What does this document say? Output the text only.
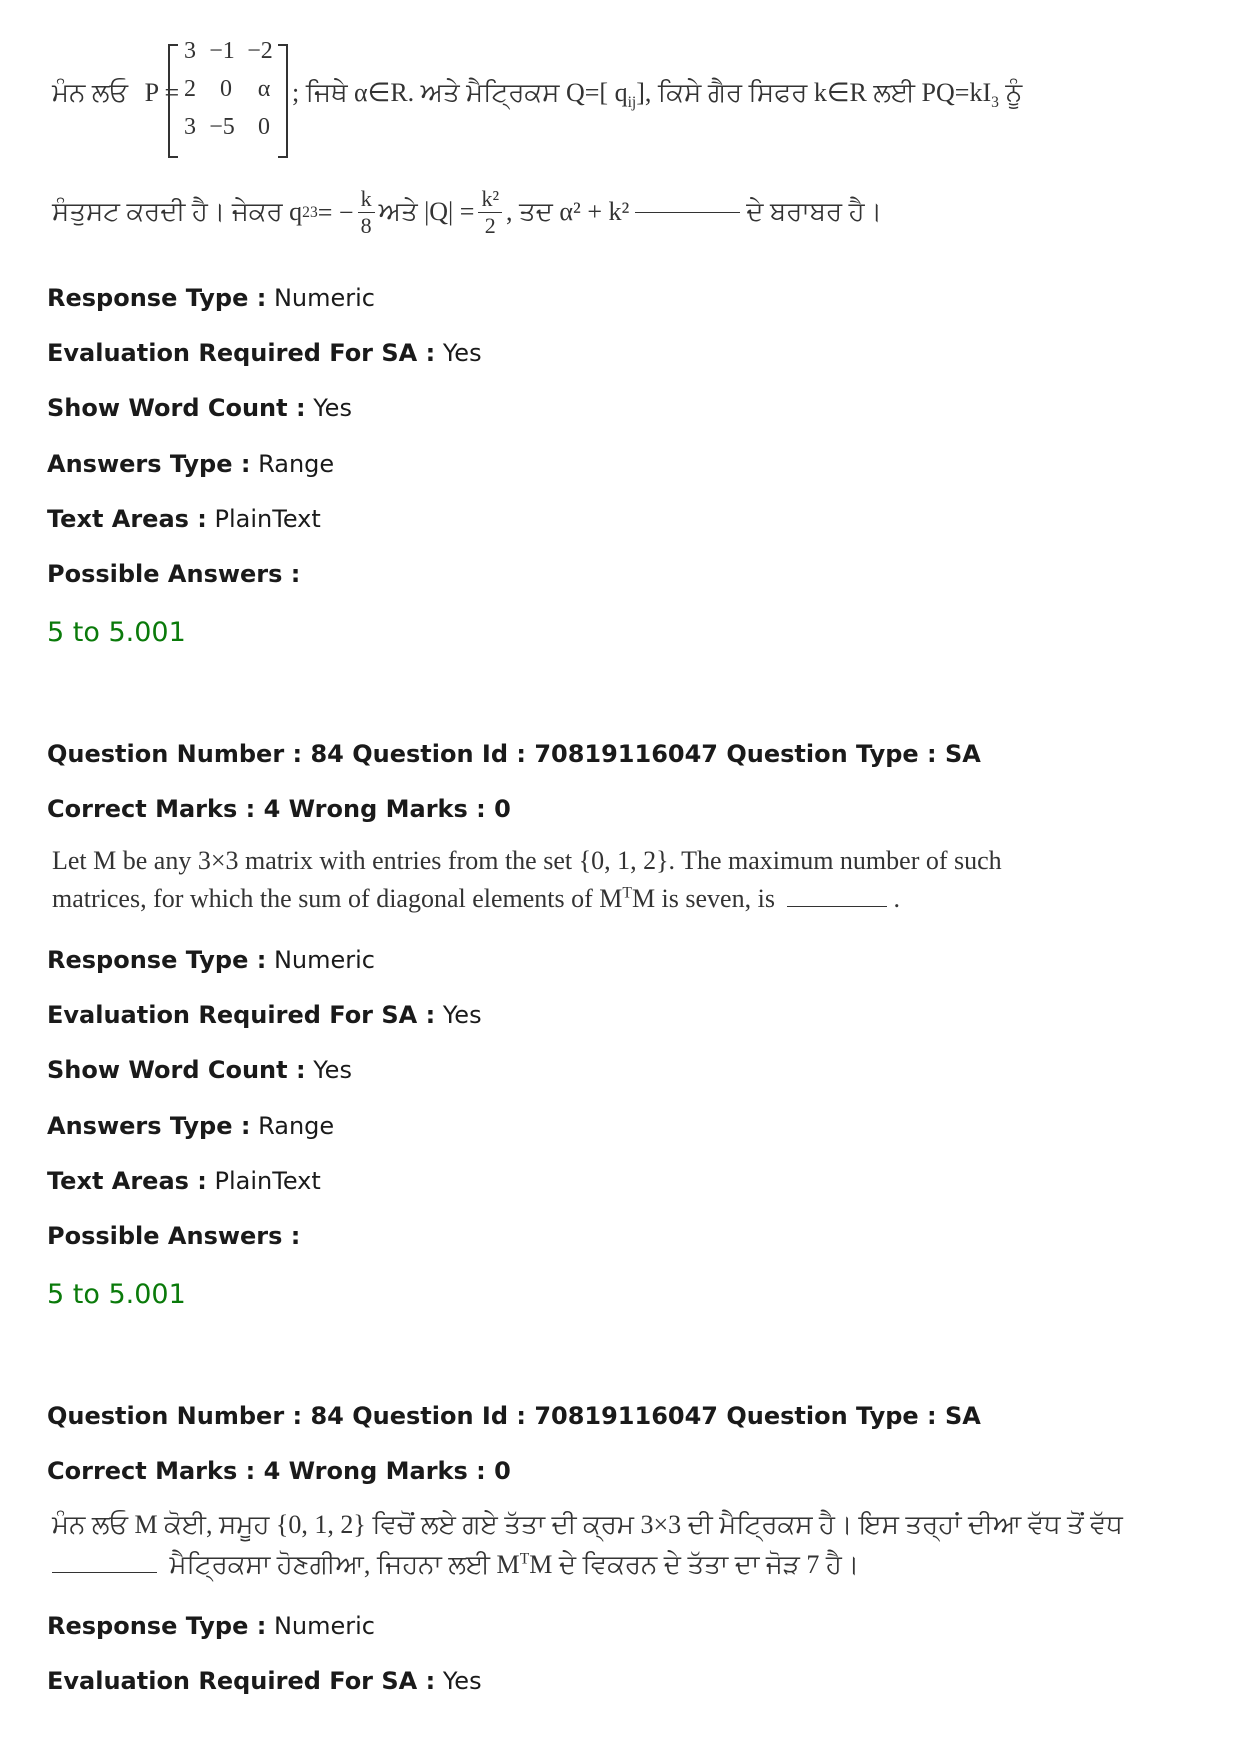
ਮੰਨ ਲਓ P =
3 −1 −2
2	0	α
3 −5 0
; ਜਿਥੇ α∈R. ਅਤੇ ਮੈਟ੍ਰਿਕਸ Q=[ $q_{ij}$], ਕਿਸੇ ਗੈਰ ਸਿਫਰ k∈R ਲਈ $PQ=kI_3$ ਨੂੰ
ਸੰਤੁਸਟ ਕਰਦੀ ਹੈ। ਜੇਕਰ q 23 = − $\frac{k}{8}$ ਅਤੇ $|Q| = \frac{\text{k²}}{2}$ , ਤਦ α² + k²	ਦੇ ਬਰਾਬਰ ਹੈ।
Response Type : Numeric
Evaluation Required For SA : Yes
Show Word Count : Yes
Answers Type : Range
Text Areas : PlainText
Possible Answers :
5 to 5.001
Question Number : 84 Question Id : 70819116047 Question Type : SA
Correct Marks : 4 Wrong Marks : 0
Let M be any 3×3 matrix with entries from the set {0, 1, 2}. The maximum number of such
matrices, for which the sum of diagonal elements of $M^TM$ is seven, is	.
Response Type : Numeric
Evaluation Required For SA : Yes
Show Word Count : Yes
Answers Type : Range
Text Areas : PlainText
Possible Answers :
5 to 5.001
Question Number : 84 Question Id : 70819116047 Question Type : SA
Correct Marks : 4 Wrong Marks : 0
ਮੰਨ ਲਓ M ਕੋਈ, ਸਮੂਹ {0, 1, 2} ਵਿਚੋਂ ਲਏ ਗਏ ਤੱਤਾ ਦੀ ਕ੍ਰਮ 3×3 ਦੀ ਮੈਟ੍ਰਿਕਸ ਹੈ। ਇਸ ਤਰ੍ਹਾਂ ਦੀਆ ਵੱਧ ਤੋਂ ਵੱਧ
ਮੈਟ੍ਰਿਕਸਾ ਹੋਣਗੀਆ, ਜਿਹਨਾ ਲਈ $M^TM$ ਦੇ ਵਿਕਰਨ ਦੇ ਤੱਤਾ ਦਾ ਜੋੜ 7 ਹੈ।
Response Type : Numeric
Evaluation Required For SA : Yes
